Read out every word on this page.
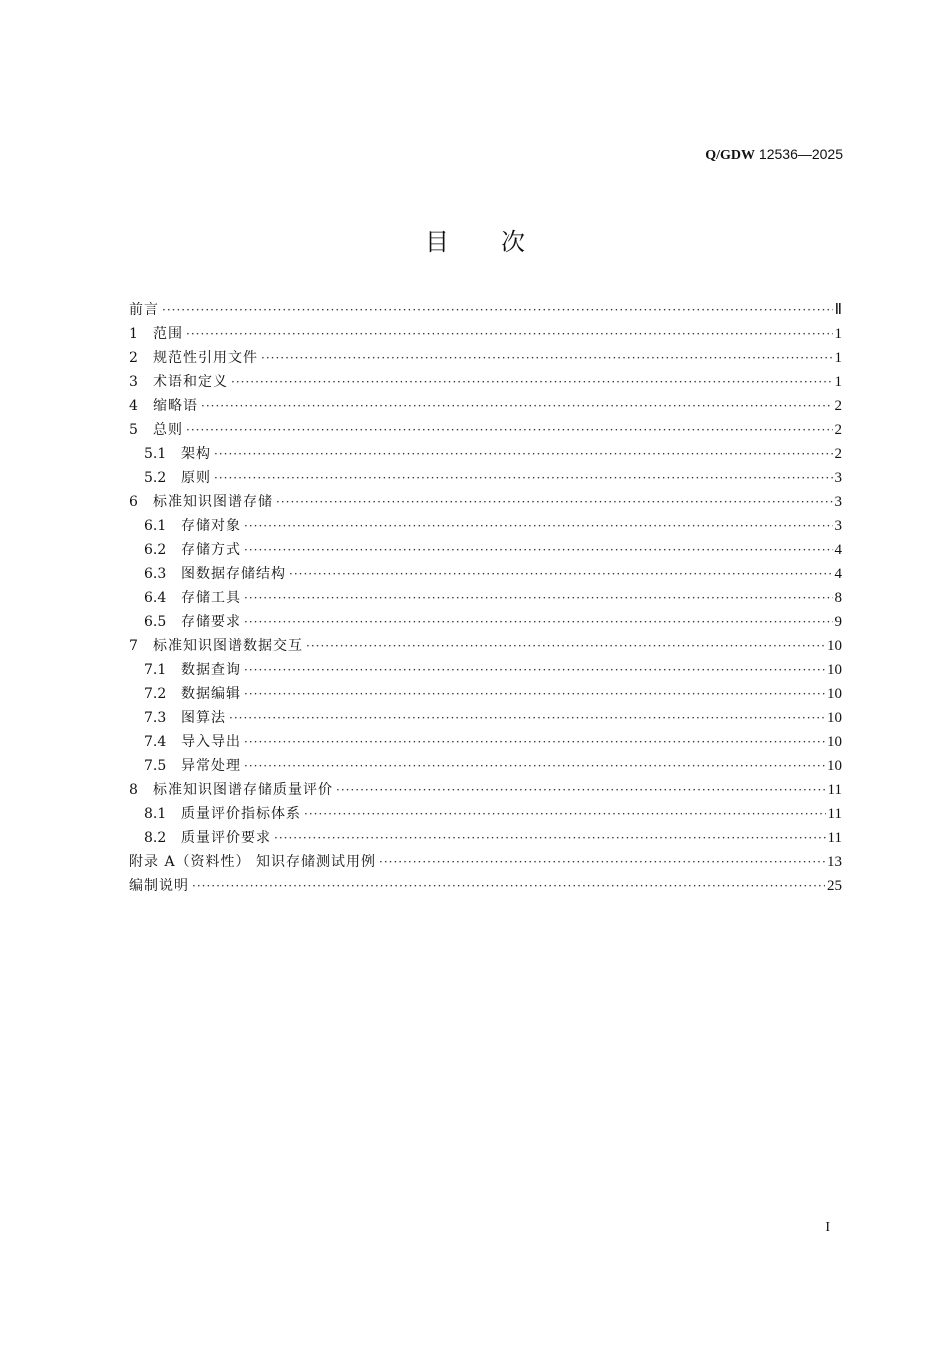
Q/GDW 12536—2025
目次
前言 ·····	Ⅱ
1	范围 ·····	1
2	规范性引用文件 ·····	1
3	术语和定义 ·····	1
4	缩略语 ·····	2
5	总则 ·····	2
5.1	架构 ·····	2
5.2	原则 ·····	3
6	标准知识图谱存储 ·····	3
6.1	存储对象 ·····	3
6.2	存储方式 ·····	4
6.3	图数据存储结构 ·····	4
6.4	存储工具 ·····	8
6.5	存储要求 ·····	9
7	标准知识图谱数据交互 ·····	10
7.1	数据查询 ·····	10
7.2	数据编辑 ·····	10
7.3	图算法 ·····	10
7.4	导入导出 ·····	10
7.5	异常处理 ·····	10
8	标准知识图谱存储质量评价 ·····	11
8.1	质量评价指标体系 ·····	11
8.2	质量评价要求 ·····	11
附录 A（资料性） 知识存储测试用例 ·····	13
编制说明 ·····	25
I
